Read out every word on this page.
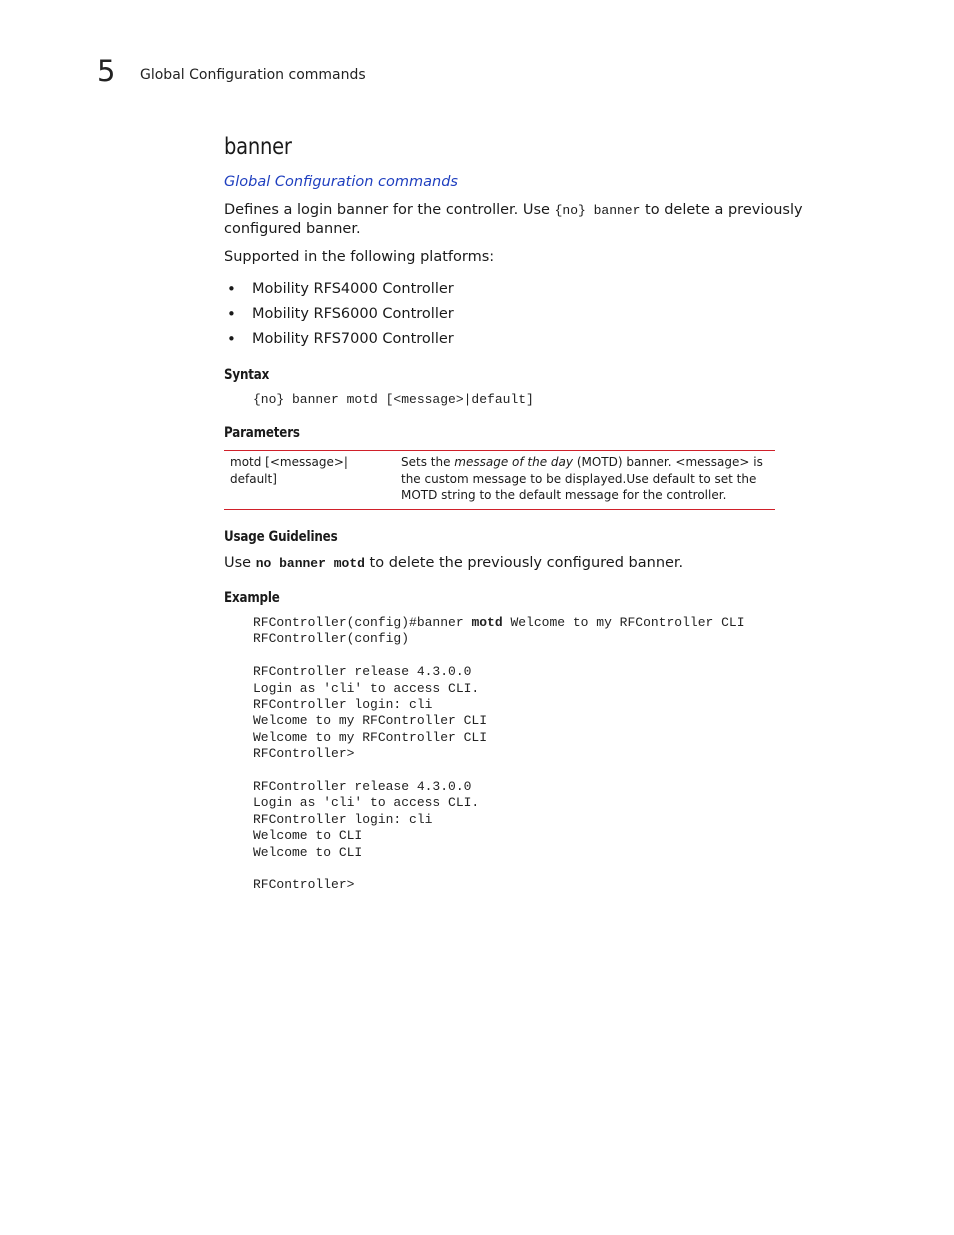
5 Global Configuration commands
banner
Global Configuration commands

Defines a login banner for the controller. Use {no} banner to delete a previously configured banner.

Supported in the following platforms:

• Mobility RFS4000 Controller
• Mobility RFS6000 Controller
• Mobility RFS7000 Controller
Syntax
{no} banner motd [<message>|default]
Parameters
motd [<message>| default]	Sets the message of the day (MOTD) banner. <message> is the custom message to be displayed.Use default to set the MOTD string to the default message for the controller.
Usage Guidelines

Use no banner motd to delete the previously configured banner.

Example
RFController(config)#banner motd Welcome to my RFController CLI
RFController(config)

RFController release 4.3.0.0
Login as 'cli' to access CLI.
RFController login: cli
Welcome to my RFController CLI
Welcome to my RFController CLI
RFController>

RFController release 4.3.0.0
Login as 'cli' to access CLI.
RFController login: cli
Welcome to CLI
Welcome to CLI

RFController>
